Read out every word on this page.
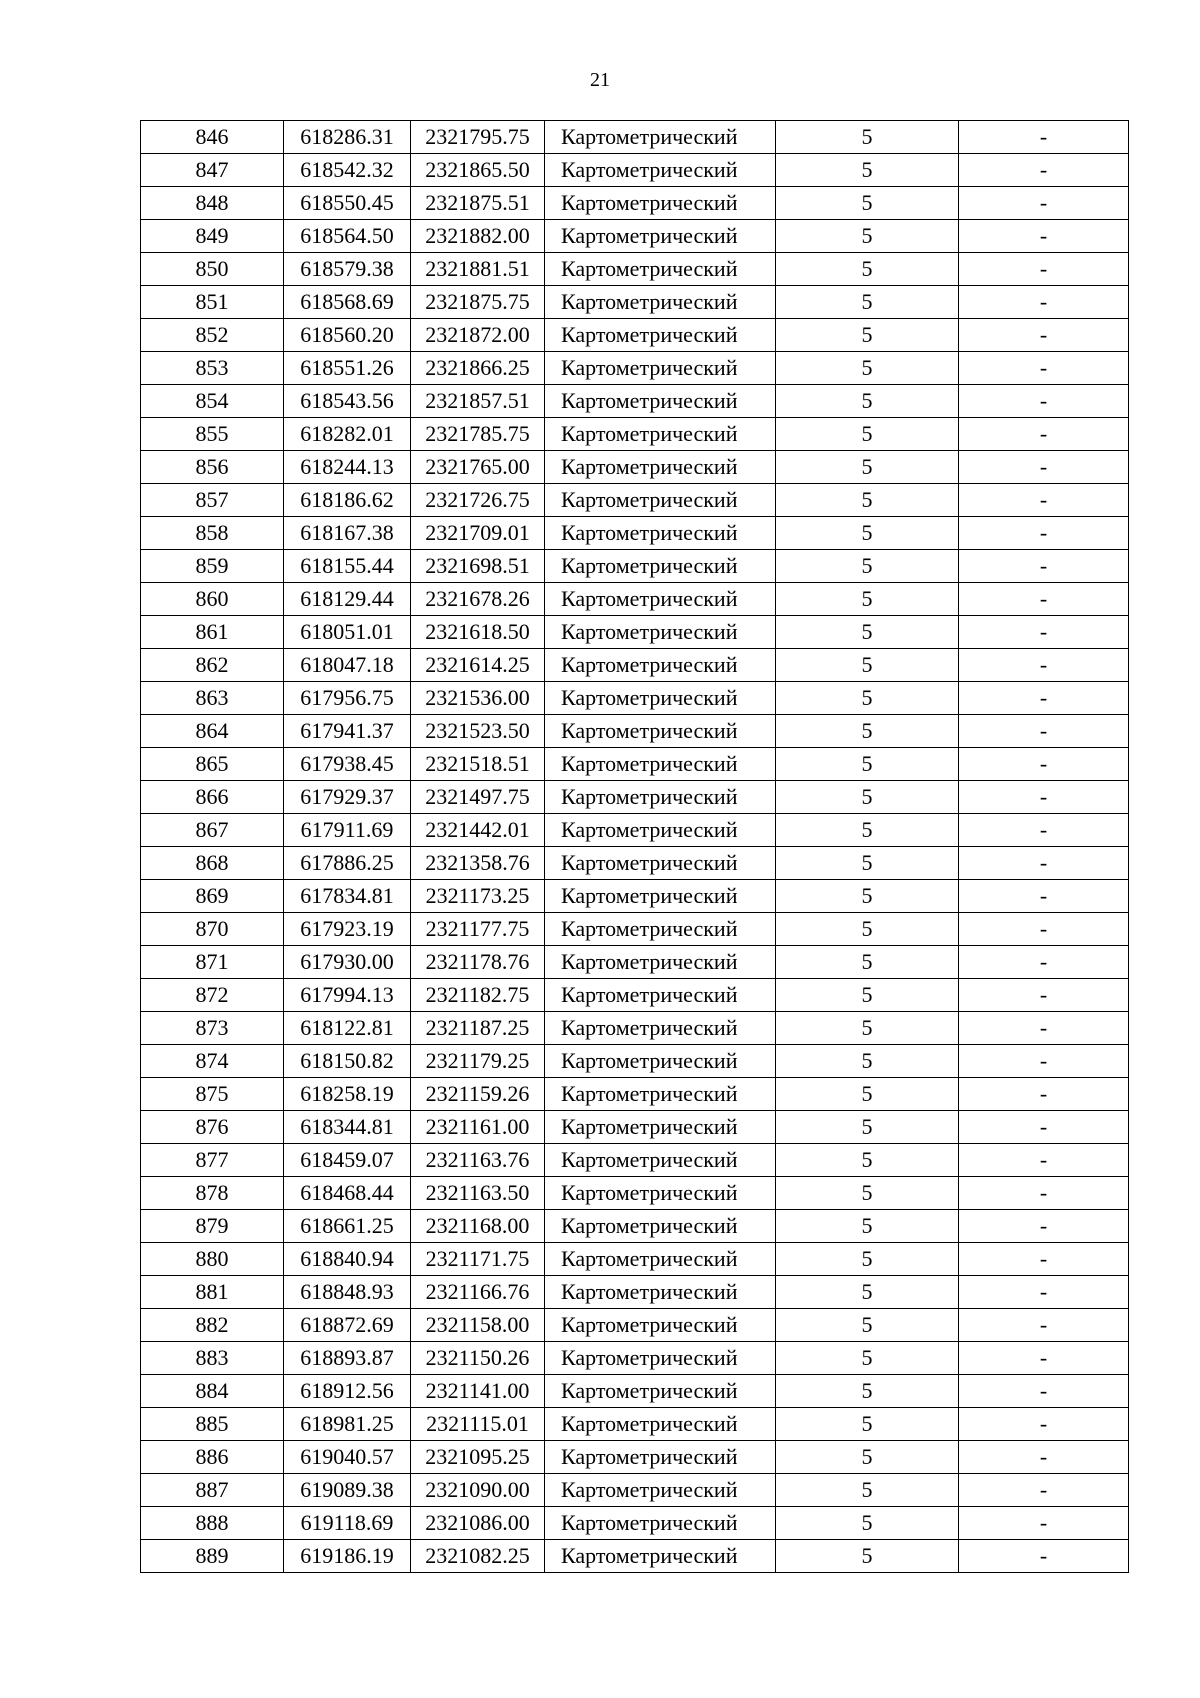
21
846	618286.31	2321795.75	Картометрический	5	-
847	618542.32	2321865.50	Картометрический	5	-
848	618550.45	2321875.51	Картометрический	5	-
849	618564.50	2321882.00	Картометрический	5	-
850	618579.38	2321881.51	Картометрический	5	-
851	618568.69	2321875.75	Картометрический	5	-
852	618560.20	2321872.00	Картометрический	5	-
853	618551.26	2321866.25	Картометрический	5	-
854	618543.56	2321857.51	Картометрический	5	-
855	618282.01	2321785.75	Картометрический	5	-
856	618244.13	2321765.00	Картометрический	5	-
857	618186.62	2321726.75	Картометрический	5	-
858	618167.38	2321709.01	Картометрический	5	-
859	618155.44	2321698.51	Картометрический	5	-
860	618129.44	2321678.26	Картометрический	5	-
861	618051.01	2321618.50	Картометрический	5	-
862	618047.18	2321614.25	Картометрический	5	-
863	617956.75	2321536.00	Картометрический	5	-
864	617941.37	2321523.50	Картометрический	5	-
865	617938.45	2321518.51	Картометрический	5	-
866	617929.37	2321497.75	Картометрический	5	-
867	617911.69	2321442.01	Картометрический	5	-
868	617886.25	2321358.76	Картометрический	5	-
869	617834.81	2321173.25	Картометрический	5	-
870	617923.19	2321177.75	Картометрический	5	-
871	617930.00	2321178.76	Картометрический	5	-
872	617994.13	2321182.75	Картометрический	5	-
873	618122.81	2321187.25	Картометрический	5	-
874	618150.82	2321179.25	Картометрический	5	-
875	618258.19	2321159.26	Картометрический	5	-
876	618344.81	2321161.00	Картометрический	5	-
877	618459.07	2321163.76	Картометрический	5	-
878	618468.44	2321163.50	Картометрический	5	-
879	618661.25	2321168.00	Картометрический	5	-
880	618840.94	2321171.75	Картометрический	5	-
881	618848.93	2321166.76	Картометрический	5	-
882	618872.69	2321158.00	Картометрический	5	-
883	618893.87	2321150.26	Картометрический	5	-
884	618912.56	2321141.00	Картометрический	5	-
885	618981.25	2321115.01	Картометрический	5	-
886	619040.57	2321095.25	Картометрический	5	-
887	619089.38	2321090.00	Картометрический	5	-
888	619118.69	2321086.00	Картометрический	5	-
889	619186.19	2321082.25	Картометрический	5	-
